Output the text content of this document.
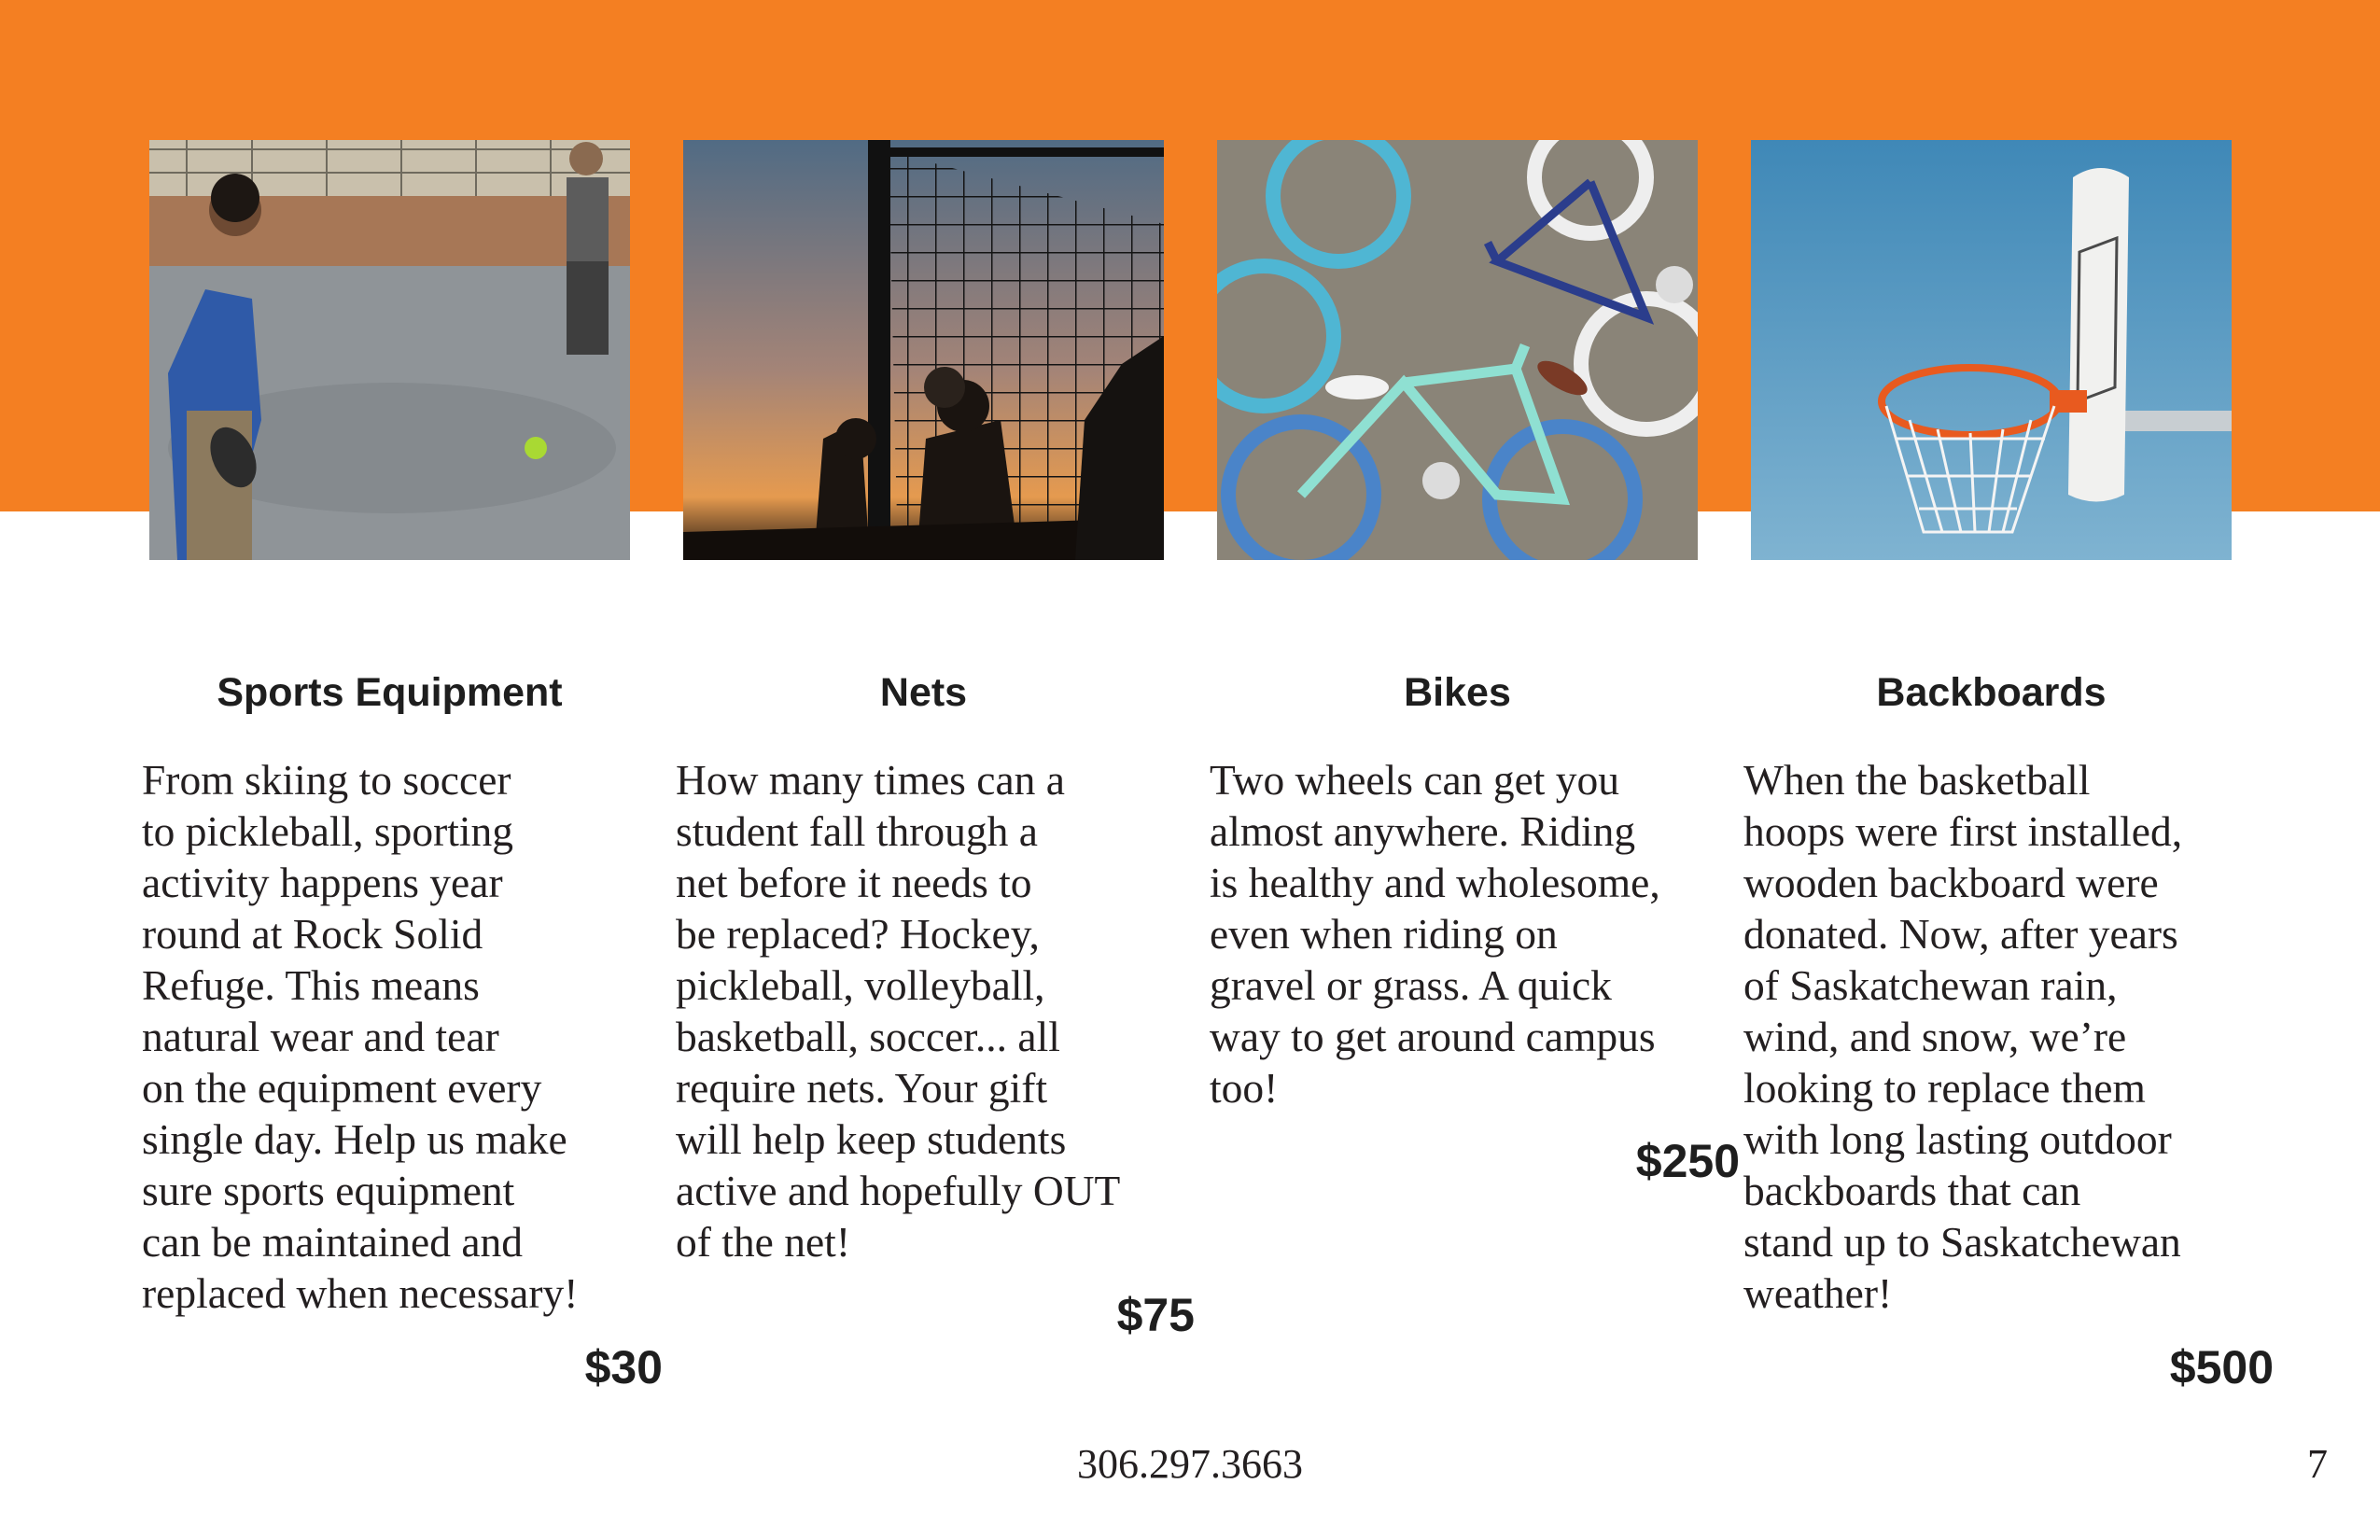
Sports Equipment

From skiing to soccer
to pickleball, sporting
activity happens year
round at Rock Solid
Refuge. This means
natural wear and tear
on the equipment every
single day. Help us make
sure sports equipment
can be maintained and
replaced when necessary!

$30
Nets

How many times can a
student fall through a
net before it needs to
be replaced? Hockey,
pickleball, volleyball,
basketball, soccer... all
require nets. Your gift
will help keep students
active and hopefully OUT
of the net!

$75
Bikes

Two wheels can get you
almost anywhere. Riding
is healthy and wholesome,
even when riding on
gravel or grass. A quick
way to get around campus
too!

$250
Backboards

When the basketball
hoops were first installed,
wooden backboard were
donated. Now, after years
of Saskatchewan rain,
wind, and snow, we’re
looking to replace them
with long lasting outdoor
backboards that can
stand up to Saskatchewan
weather!

$500
306.297.3663	7
